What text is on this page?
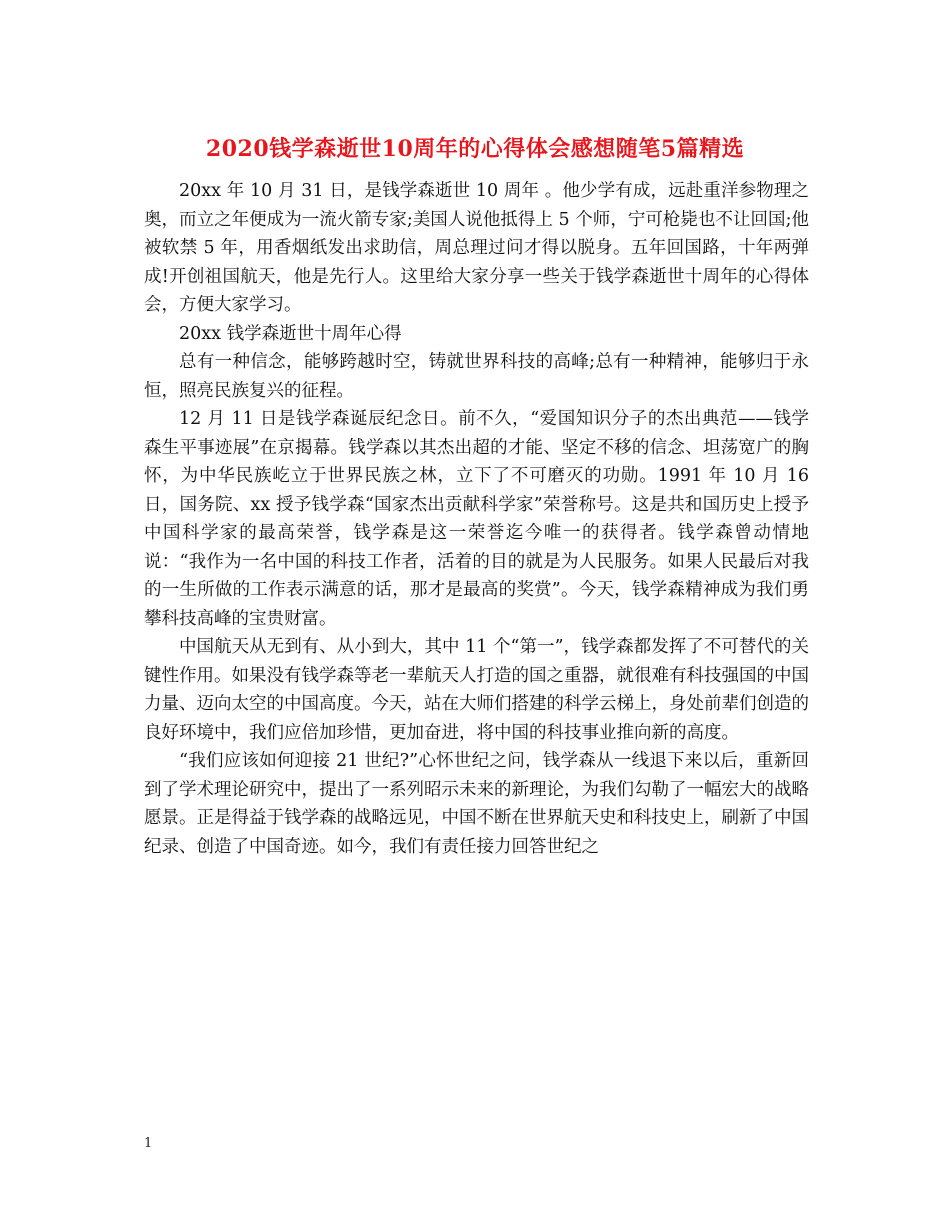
2020钱学森逝世10周年的心得体会感想随笔5篇精选

20xx 年 10 月 31 日，是钱学森逝世 10 周年 。他少学有成，远赴重洋参物理之奥，而立之年便成为一流火箭专家;美国人说他抵得上 5 个师，宁可枪毙也不让回国;他被软禁 5 年，用香烟纸发出求助信，周总理过问才得以脱身。五年回国路，十年两弹成!开创祖国航天，他是先行人。这里给大家分享一些关于钱学森逝世十周年的心得体会，方便大家学习。

20xx 钱学森逝世十周年心得

总有一种信念，能够跨越时空，铸就世界科技的高峰;总有一种精神，能够归于永恒，照亮民族复兴的征程。

12 月 11 日是钱学森诞辰纪念日。前不久，“爱国知识分子的杰出典范——钱学森生平事迹展”在京揭幕。钱学森以其杰出超的才能、坚定不移的信念、坦荡宽广的胸怀，为中华民族屹立于世界民族之林，立下了不可磨灭的功勋。1991 年 10 月 16 日，国务院、xx 授予钱学森“国家杰出贡献科学家”荣誉称号。这是共和国历史上授予中国科学家的最高荣誉，钱学森是这一荣誉迄今唯一的获得者。钱学森曾动情地说：“我作为一名中国的科技工作者，活着的目的就是为人民服务。如果人民最后对我的一生所做的工作表示满意的话，那才是最高的奖赏”。今天，钱学森精神成为我们勇攀科技高峰的宝贵财富。

中国航天从无到有、从小到大，其中 11 个“第一”，钱学森都发挥了不可替代的关键性作用。如果没有钱学森等老一辈航天人打造的国之重器，就很难有科技强国的中国力量、迈向太空的中国高度。今天，站在大师们搭建的科学云梯上，身处前辈们创造的良好环境中，我们应倍加珍惜，更加奋进，将中国的科技事业推向新的高度。

“我们应该如何迎接 21 世纪?”心怀世纪之问，钱学森从一线退下来以后，重新回到了学术理论研究中，提出了一系列昭示未来的新理论，为我们勾勒了一幅宏大的战略愿景。正是得益于钱学森的战略远见，中国不断在世界航天史和科技史上，刷新了中国纪录、创造了中国奇迹。如今，我们有责任接力回答世纪之

1
